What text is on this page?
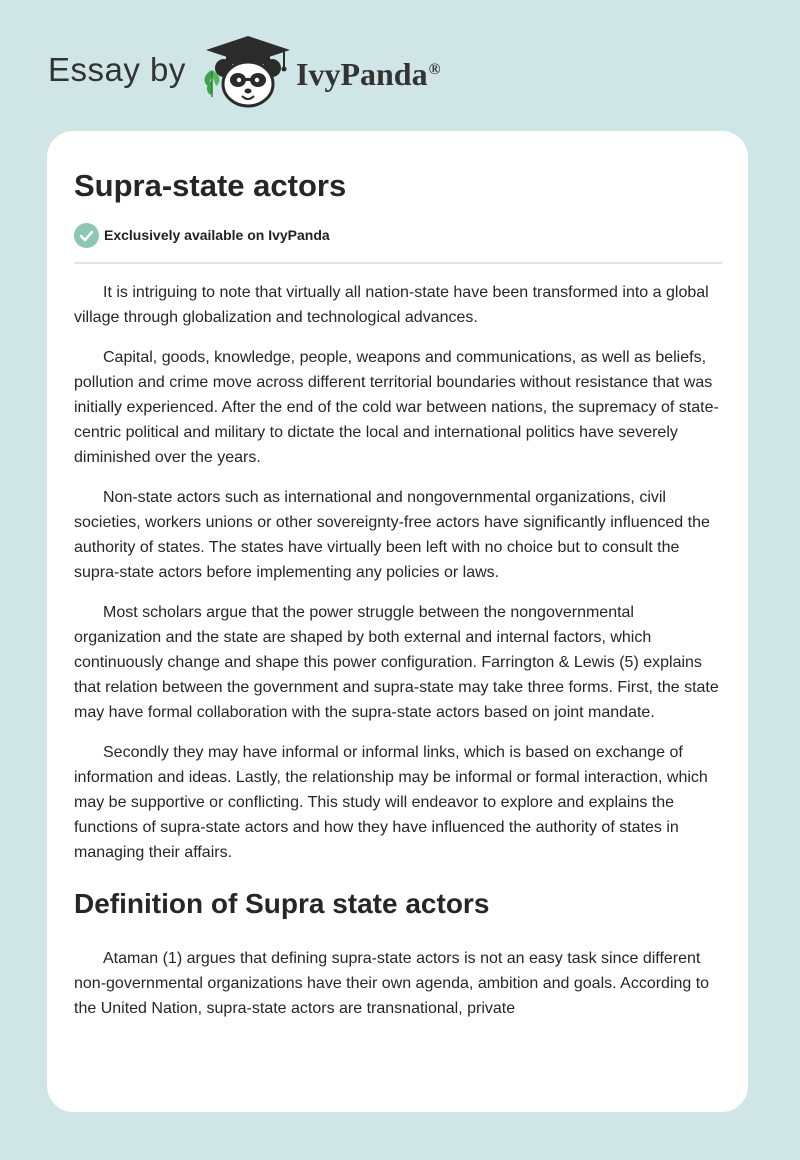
Essay by	IvyPanda®
Supra-state actors
Exclusively available on IvyPanda

It is intriguing to note that virtually all nation-state have been transformed into a global village through globalization and technological advances.

Capital, goods, knowledge, people, weapons and communications, as well as beliefs, pollution and crime move across different territorial boundaries without resistance that was initially experienced. After the end of the cold war between nations, the supremacy of state-centric political and military to dictate the local and international politics have severely diminished over the years.

Non-state actors such as international and nongovernmental organizations, civil societies, workers unions or other sovereignty-free actors have significantly influenced the authority of states. The states have virtually been left with no choice but to consult the supra-state actors before implementing any policies or laws.

Most scholars argue that the power struggle between the nongovernmental organization and the state are shaped by both external and internal factors, which continuously change and shape this power configuration. Farrington & Lewis (5) explains that relation between the government and supra-state may take three forms. First, the state may have formal collaboration with the supra-state actors based on joint mandate.

Secondly they may have informal or informal links, which is based on exchange of information and ideas. Lastly, the relationship may be informal or formal interaction, which may be supportive or conflicting. This study will endeavor to explore and explains the functions of supra-state actors and how they have influenced the authority of states in managing their affairs.

Definition of Supra state actors

Ataman (1) argues that defining supra-state actors is not an easy task since different non-governmental organizations have their own agenda, ambition and goals. According to the United Nation, supra-state actors are transnational, private
